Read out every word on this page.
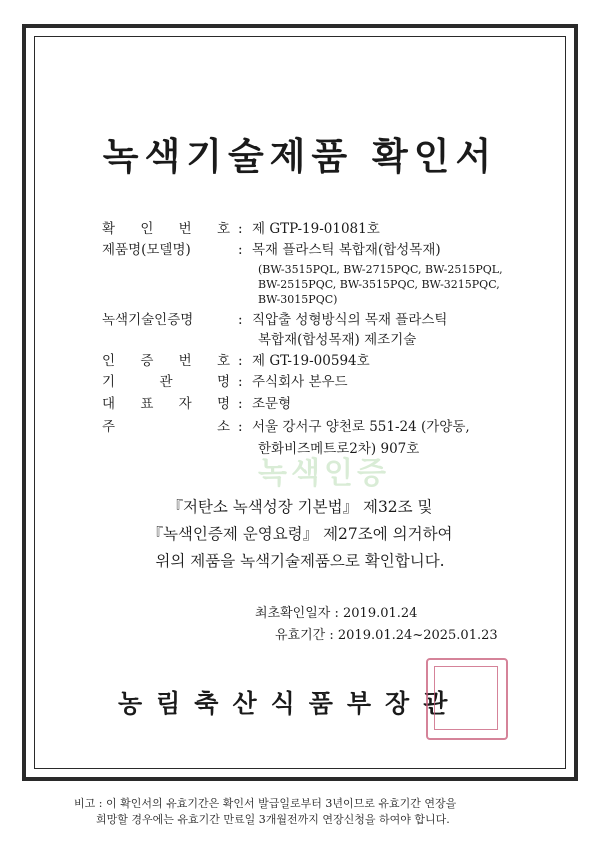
녹색기술제품 확인서
확 인 번 호 : 제 GTP-19-01081호
제품명(모델명)	: 목재 플라스틱 복합재(합성목재)
(BW-3515PQL, BW-2715PQC, BW-2515PQL,
BW-2515PQC, BW-3515PQC, BW-3215PQC,
BW-3015PQC)
녹색기술인증명	: 직압출 성형방식의 목재 플라스틱
복합재(합성목재) 제조기술
인 증 번 호 : 제 GT-19-00594호
기	관	명 : 주식회사 본우드
대 표 자 명 : 조문형
주	소 : 서울 강서구 양천로 551-24 (가양동,
한화비즈메트로2차) 907호
녹색인증
『저탄소 녹색성장 기본법』 제32조 및
『녹색인증제 운영요령』 제27조에 의거하여
위의 제품을 녹색기술제품으로 확인합니다.
최초확인일자 : 2019.01.24
유효기간 : 2019.01.24~2025.01.23
농림축산식품부장관
비고 : 이 확인서의 유효기간은 확인서 발급일로부터 3년이므로 유효기간 연장을
희망할 경우에는 유효기간 만료일 3개월전까지 연장신청을 하여야 합니다.
